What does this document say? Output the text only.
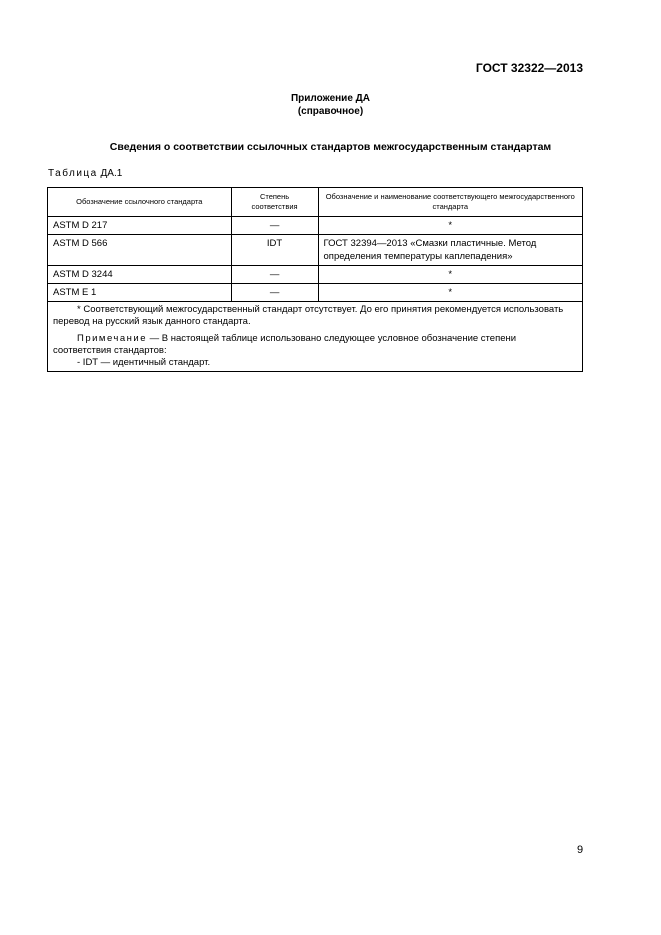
ГОСТ 32322—2013
Приложение ДА
(справочное)
Сведения о соответствии ссылочных стандартов межгосударственным стандартам
Таблица ДА.1
Обозначение ссылочного стандарта	Степень соответствия	Обозначение и наименование соответствующего межгосударственного стандарта
ASTM D 217	—	*
ASTM D 566	IDT	ГОСТ 32394—2013 «Смазки пластичные. Метод определения температуры каплепадения»
ASTM D 3244	—	*
ASTM E 1	—	*

* Соответствующий межгосударственный стандарт отсутствует. До его принятия рекомендуется использовать перевод на русский язык данного стандарта.
Примечание — В настоящей таблице использовано следующее условное обозначение степени соответствия стандартов:
- IDT — идентичный стандарт.		
9
